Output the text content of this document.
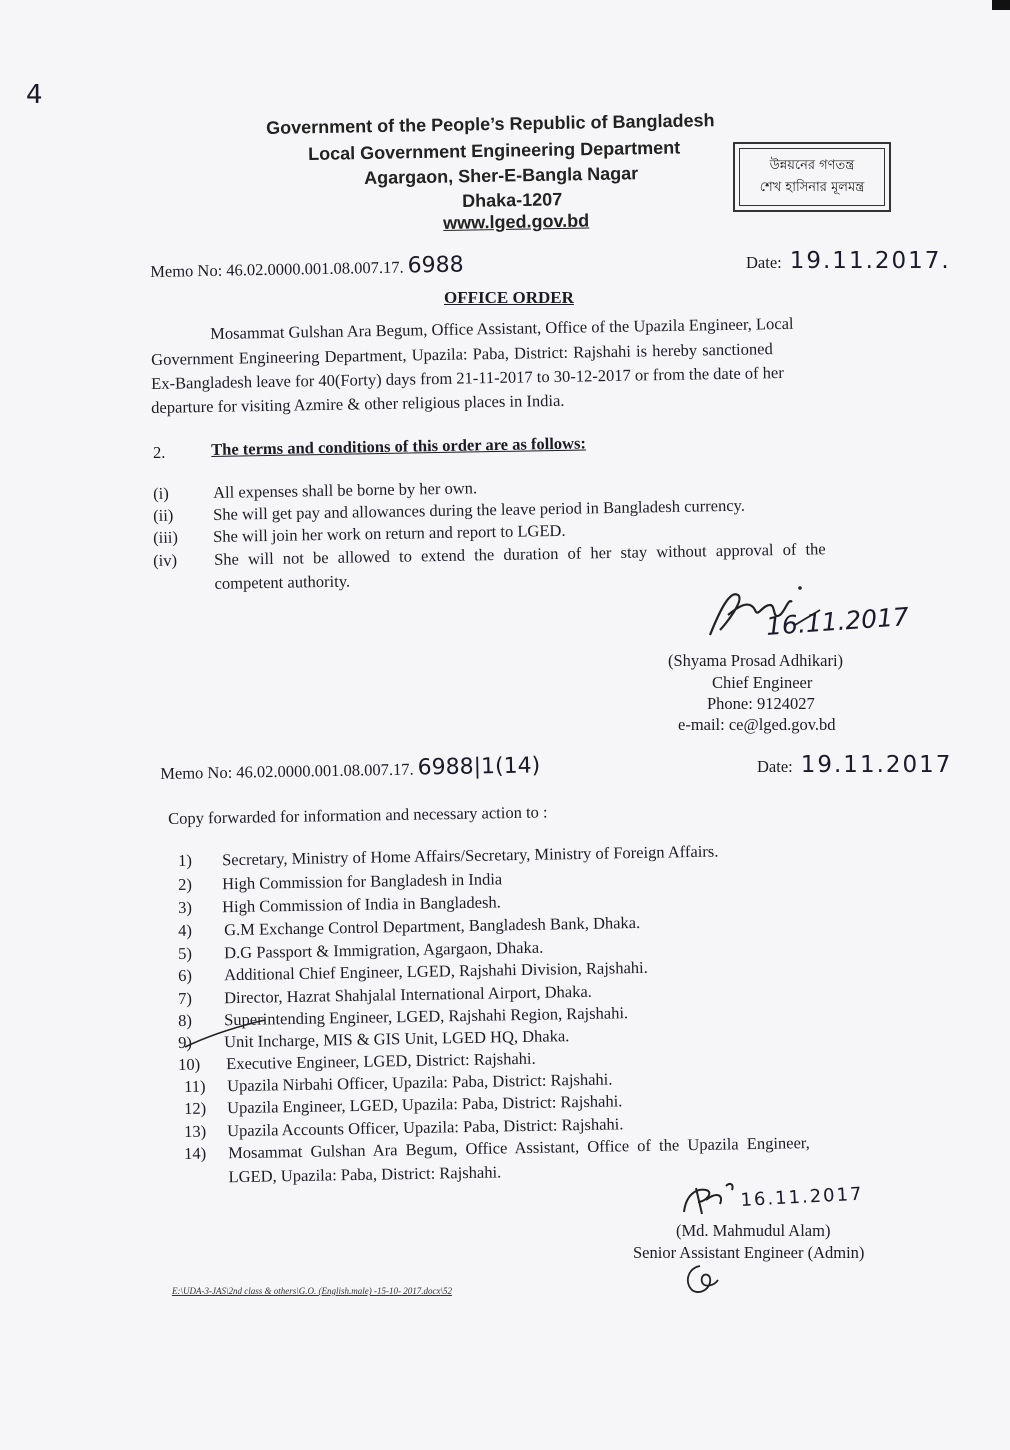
4
Government of the People’s Republic of Bangladesh
Local Government Engineering Department
Agargaon, Sher-E-Bangla Nagar
Dhaka-1207
www.lged.gov.bd
উন্নয়নের গণতন্ত্র
শেখ হাসিনার মূলমন্ত্র
Memo No: 46.02.0000.001.08.007.17. 6988	Date: 19.11.2017.
OFFICE ORDER
Mosammat Gulshan Ara Begum, Office Assistant, Office of the Upazila Engineer, Local
Government Engineering Department, Upazila: Paba, District: Rajshahi is hereby sanctioned
Ex-Bangladesh leave for 40(Forty) days from 21-11-2017 to 30-12-2017 or from the date of her
departure for visiting Azmire & other religious places in India.
2.	The terms and conditions of this order are as follows:
(i)	All expenses shall be borne by her own.
(ii) She will get pay and allowances during the leave period in Bangladesh currency.
(iii) She will join her work on return and report to LGED.
(iv) She will not be allowed to extend the duration of her stay without approval of the
competent authority.
16.11.2017
(Shyama Prosad Adhikari)
Chief Engineer
Phone: 9124027
e-mail: ce@lged.gov.bd
Memo No: 46.02.0000.001.08.007.17. 6988|1(14)	Date: 19.11.2017
Copy forwarded for information and necessary action to :
1) Secretary, Ministry of Home Affairs/Secretary, Ministry of Foreign Affairs.
2) High Commission for Bangladesh in India
3) High Commission of India in Bangladesh.
4) G.M Exchange Control Department, Bangladesh Bank, Dhaka.
5) D.G Passport & Immigration, Agargaon, Dhaka.
6) Additional Chief Engineer, LGED, Rajshahi Division, Rajshahi.
7) Director, Hazrat Shahjalal International Airport, Dhaka.
8) Superintending Engineer, LGED, Rajshahi Region, Rajshahi.
9) Unit Incharge, MIS & GIS Unit, LGED HQ, Dhaka.
10) Executive Engineer, LGED, District: Rajshahi.
11) Upazila Nirbahi Officer, Upazila: Paba, District: Rajshahi.
12) Upazila Engineer, LGED, Upazila: Paba, District: Rajshahi.
13) Upazila Accounts Officer, Upazila: Paba, District: Rajshahi.
14) Mosammat Gulshan Ara Begum, Office Assistant, Office of the Upazila Engineer,
LGED, Upazila: Paba, District: Rajshahi.
16.11.2017
(Md. Mahmudul Alam)
Senior Assistant Engineer (Admin)
E:\UDA-3-JAS\2nd class & others\G.O. (English.male) -15-10- 2017.docx\52
